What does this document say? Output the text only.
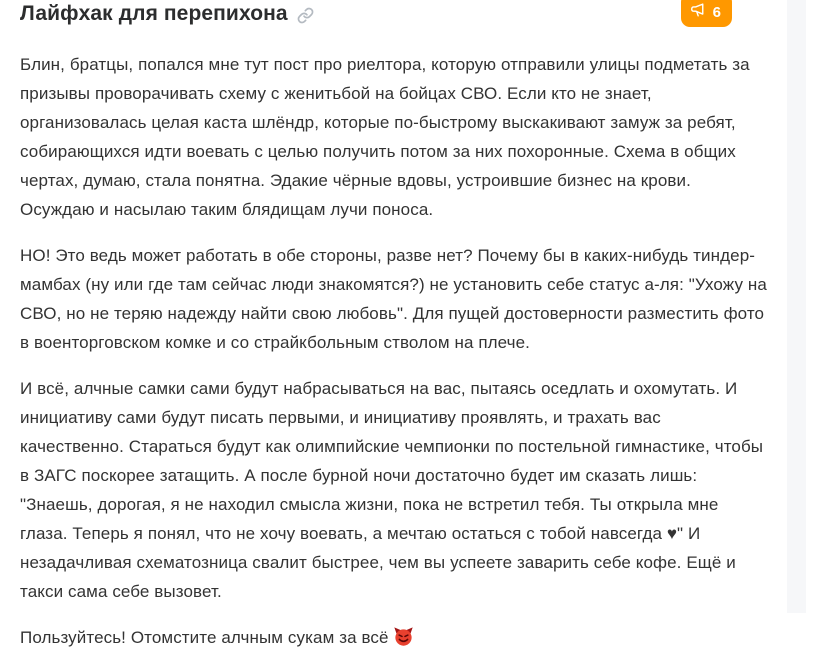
Лайфхак для перепихона	6

Блин, братцы, попался мне тут пост про риелтора, которую отправили улицы подметать за призывы проворачивать схему с женитьбой на бойцах СВО. Если кто не знает, организовалась целая каста шлёндр, которые по-быстрому выскакивают замуж за ребят, собирающихся идти воевать с целью получить потом за них похоронные. Схема в общих чертах, думаю, стала понятна. Эдакие чёрные вдовы, устроившие бизнес на крови. Осуждаю и насылаю таким блядищам лучи поноса.

НО! Это ведь может работать в обе стороны, разве нет? Почему бы в каких-нибудь тиндер-мамбах (ну или где там сейчас люди знакомятся?) не установить себе статус а-ля: "Ухожу на СВО, но не теряю надежду найти свою любовь". Для пущей достоверности разместить фото в военторговском комке и со страйкбольным стволом на плече.

И всё, алчные самки сами будут набрасываться на вас, пытаясь оседлать и охомутать. И инициативу сами будут писать первыми, и инициативу проявлять, и трахать вас качественно. Стараться будут как олимпийские чемпионки по постельной гимнастике, чтобы в ЗАГС поскорее затащить. А после бурной ночи достаточно будет им сказать лишь: "Знаешь, дорогая, я не находил смысла жизни, пока не встретил тебя. Ты открыла мне глаза. Теперь я понял, что не хочу воевать, а мечтаю остаться с тобой навсегда ♥" И незадачливая схематозница свалит быстрее, чем вы успеете заварить себе кофе. Ещё и такси сама себе вызовет.

Пользуйтесь! Отомстите алчным сукам за всё
